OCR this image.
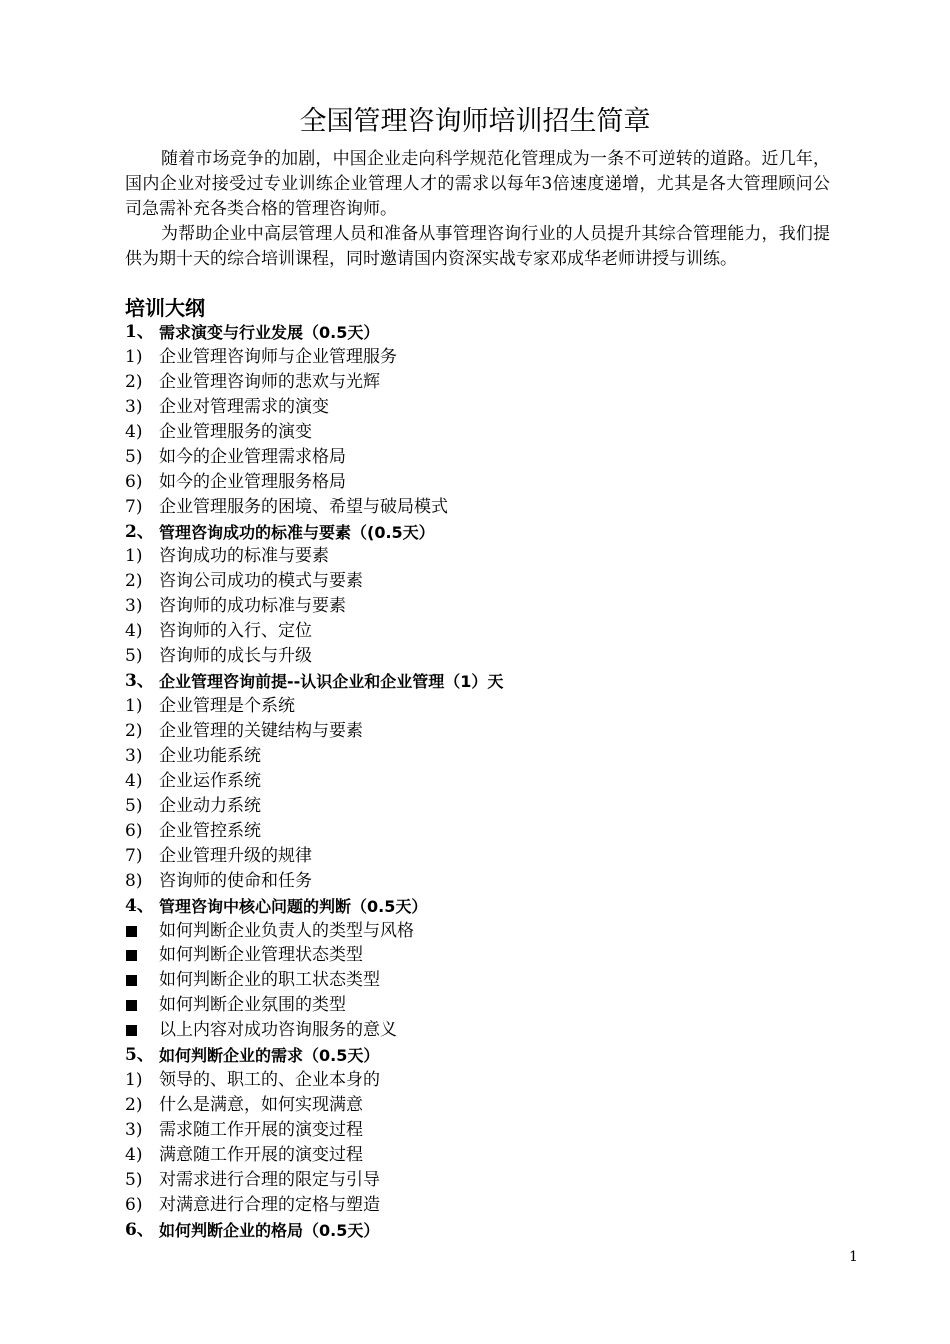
全国管理咨询师培训招生简章
随着市场竞争的加剧，中国企业走向科学规范化管理成为一条不可逆转的道路。近几年，国内企业对接受过专业训练企业管理人才的需求以每年3倍速度递增，尤其是各大管理顾问公司急需补充各类合格的管理咨询师。
为帮助企业中高层管理人员和准备从事管理咨询行业的人员提升其综合管理能力，我们提供为期十天的综合培训课程，同时邀请国内资深实战专家邓成华老师讲授与训练。
培训大纲
1、 需求演变与行业发展（0.5天）
1) 企业管理咨询师与企业管理服务
2) 企业管理咨询师的悲欢与光辉
3) 企业对管理需求的演变
4) 企业管理服务的演变
5) 如今的企业管理需求格局
6) 如今的企业管理服务格局
7) 企业管理服务的困境、希望与破局模式
2、 管理咨询成功的标准与要素（(0.5天）
1) 咨询成功的标准与要素
2) 咨询公司成功的模式与要素
3) 咨询师的成功标准与要素
4) 咨询师的入行、定位
5) 咨询师的成长与升级
3、 企业管理咨询前提--认识企业和企业管理（1）天
1) 企业管理是个系统
2) 企业管理的关键结构与要素
3) 企业功能系统
4) 企业运作系统
5) 企业动力系统
6) 企业管控系统
7) 企业管理升级的规律
8) 咨询师的使命和任务
4、 管理咨询中核心问题的判断（0.5天）
如何判断企业负责人的类型与风格
如何判断企业管理状态类型
如何判断企业的职工状态类型
如何判断企业氛围的类型
以上内容对成功咨询服务的意义
5、 如何判断企业的需求（0.5天）
1) 领导的、职工的、企业本身的
2) 什么是满意，如何实现满意
3) 需求随工作开展的演变过程
4) 满意随工作开展的演变过程
5) 对需求进行合理的限定与引导
6) 对满意进行合理的定格与塑造
6、 如何判断企业的格局（0.5天）
1
